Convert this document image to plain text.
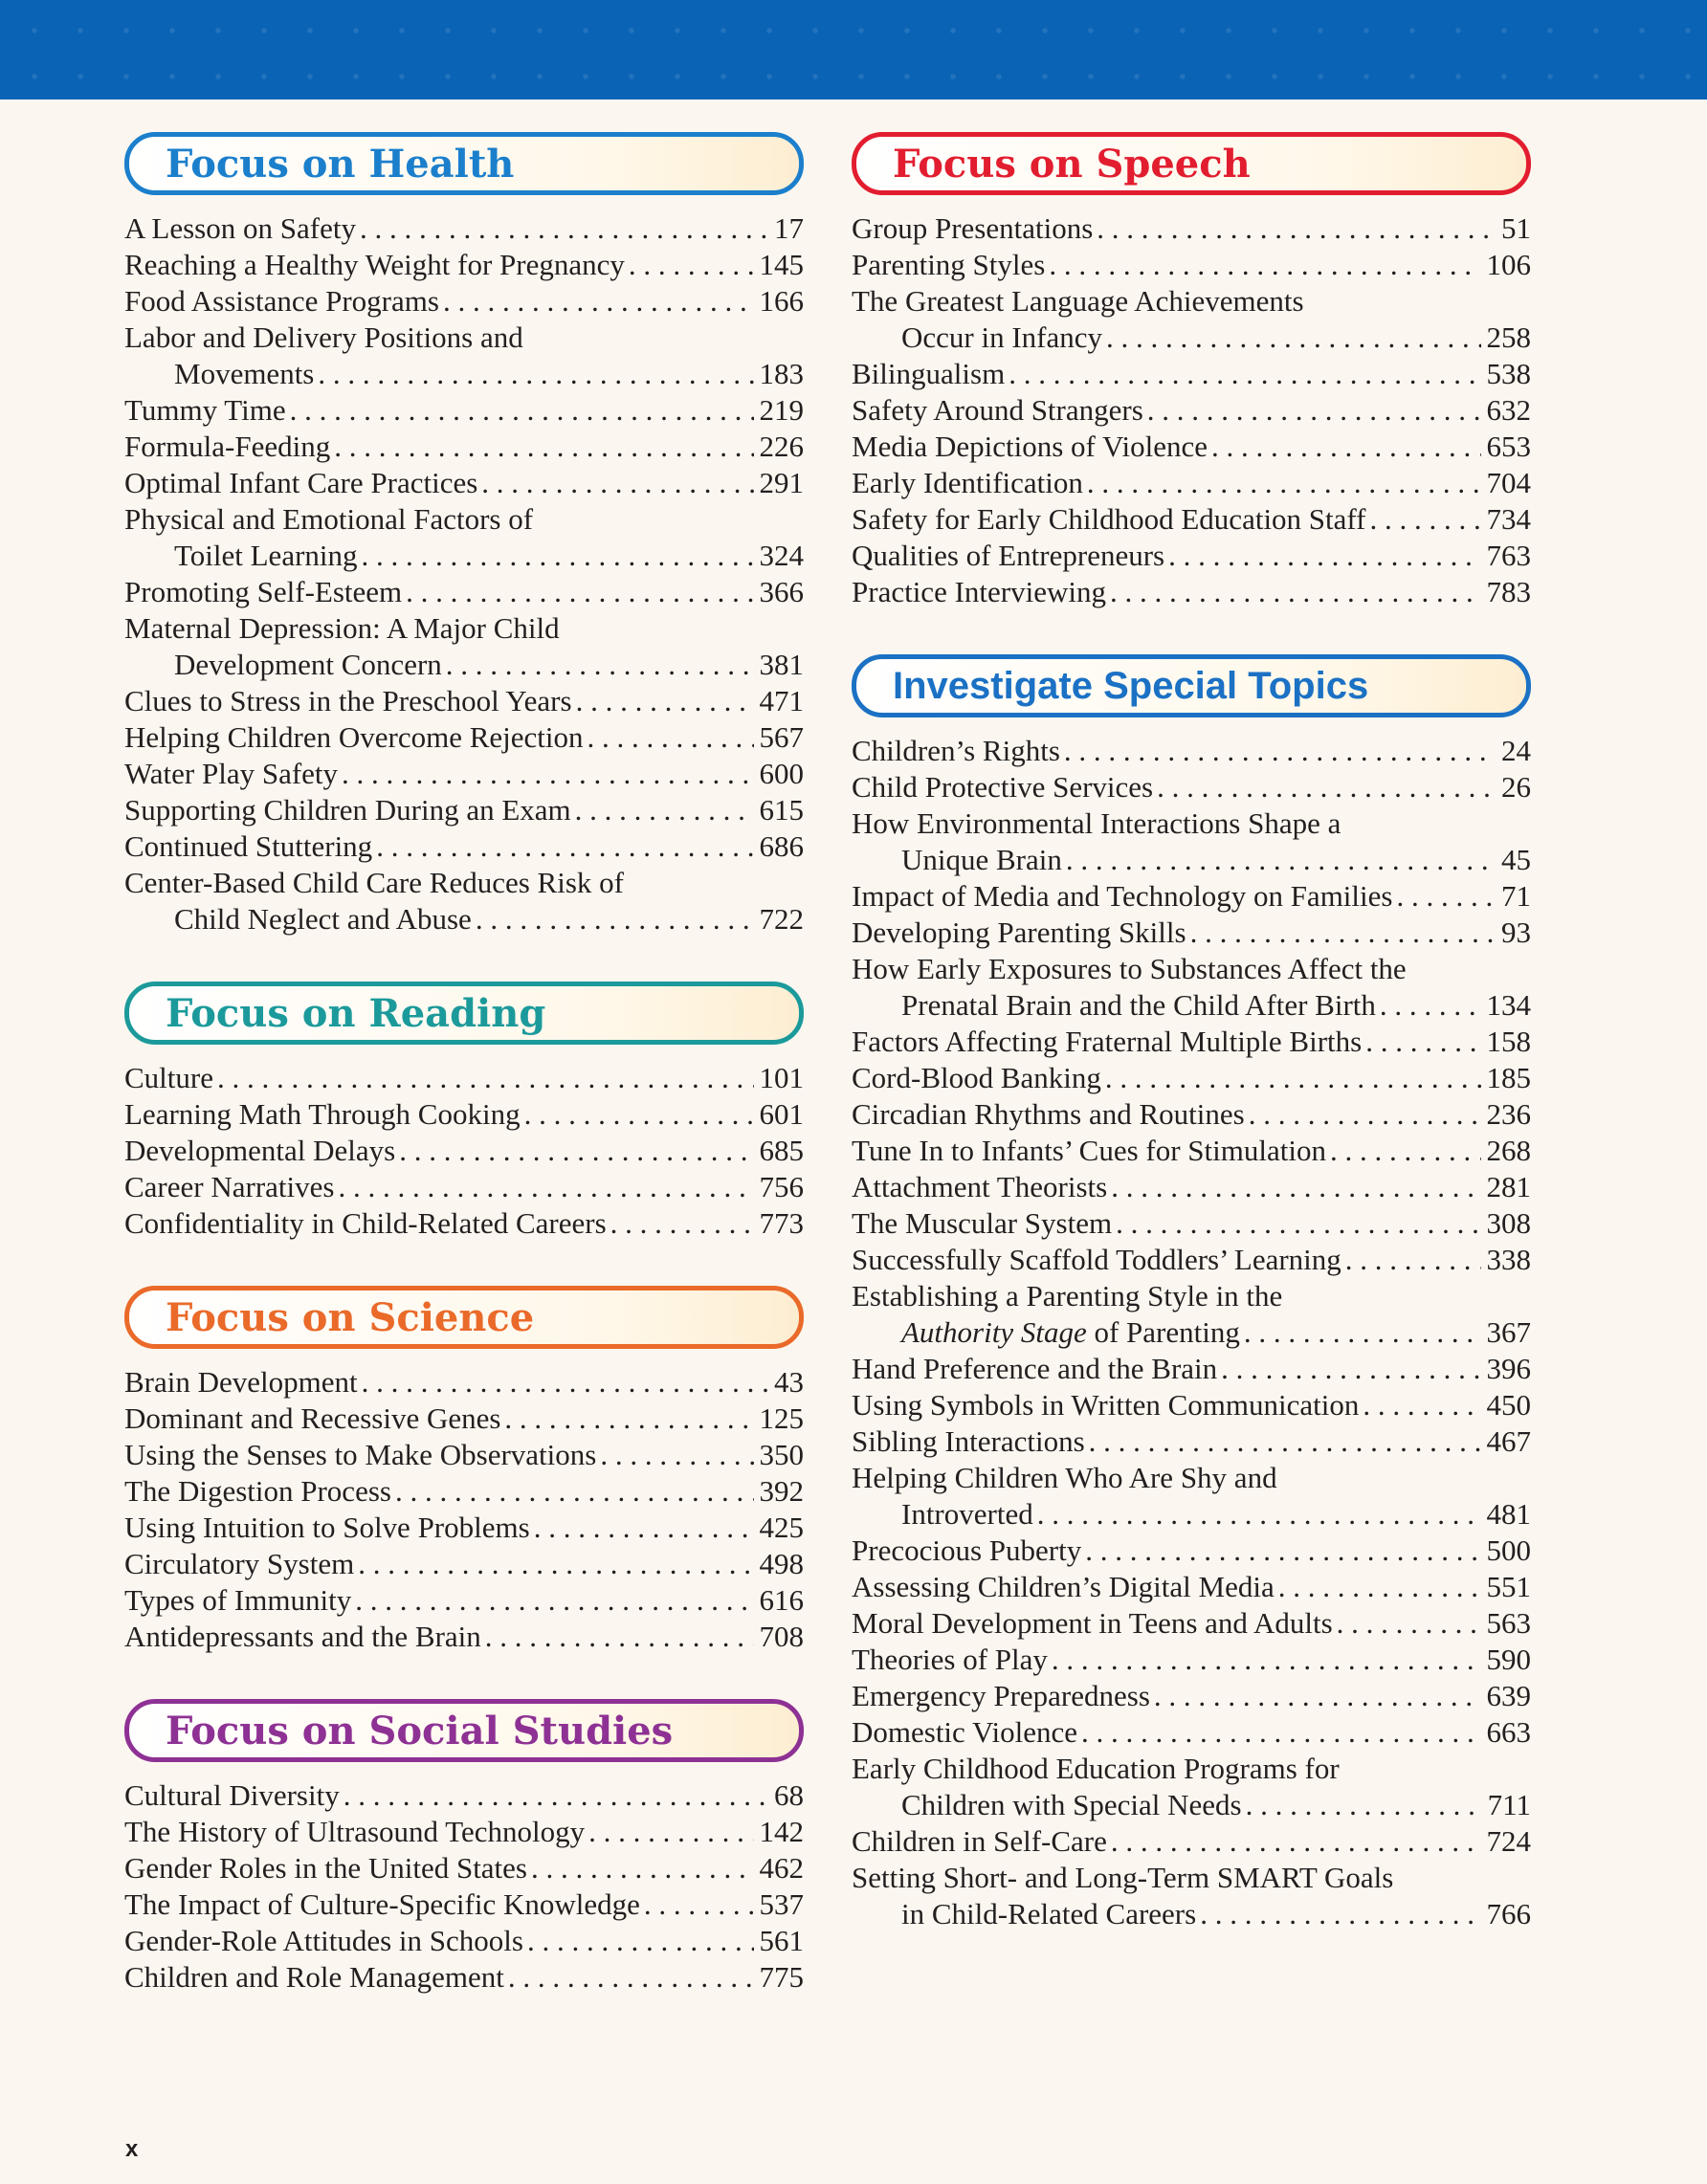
Focus on Health
A Lesson on Safety . . .	17
Reaching a Healthy Weight for Pregnancy . . .	145
Food Assistance Programs . . .	166
Labor and Delivery Positions and
Movements . . .	183
Tummy Time . . .	219
Formula-Feeding . . .	226
Optimal Infant Care Practices . . .	291
Physical and Emotional Factors of
Toilet Learning . . .	324
Promoting Self-Esteem . . .	366
Maternal Depression: A Major Child
Development Concern . . .	381
Clues to Stress in the Preschool Years . . .	471
Helping Children Overcome Rejection . . .	567
Water Play Safety . . .	600
Supporting Children During an Exam . . .	615
Continued Stuttering . . .	686
Center-Based Child Care Reduces Risk of
Child Neglect and Abuse . . .	722
Focus on Reading
Culture . . .	101
Learning Math Through Cooking . . .	601
Developmental Delays . . .	685
Career Narratives . . .	756
Confidentiality in Child-Related Careers . . .	773
Focus on Science
Brain Development . . .	43
Dominant and Recessive Genes . . .	125
Using the Senses to Make Observations . . .	350
The Digestion Process . . .	392
Using Intuition to Solve Problems . . .	425
Circulatory System . . .	498
Types of Immunity . . .	616
Antidepressants and the Brain . . .	708
Focus on Social Studies
Cultural Diversity . . .	68
The History of Ultrasound Technology . . .	142
Gender Roles in the United States . . .	462
The Impact of Culture-Specific Knowledge . . .	537
Gender-Role Attitudes in Schools . . .	561
Children and Role Management . . .	775
Focus on Speech
Group Presentations . . .	51
Parenting Styles . . .	106
The Greatest Language Achievements
Occur in Infancy . . .	258
Bilingualism . . .	538
Safety Around Strangers . . .	632
Media Depictions of Violence . . .	653
Early Identification . . .	704
Safety for Early Childhood Education Staff . . .	734
Qualities of Entrepreneurs . . .	763
Practice Interviewing . . .	783
Investigate Special Topics
Children’s Rights . . .	24
Child Protective Services . . .	26
How Environmental Interactions Shape a
Unique Brain . . .	45
Impact of Media and Technology on Families . . .	71
Developing Parenting Skills . . .	93
How Early Exposures to Substances Affect the
Prenatal Brain and the Child After Birth . . .	134
Factors Affecting Fraternal Multiple Births . . .	158
Cord-Blood Banking . . .	185
Circadian Rhythms and Routines . . .	236
Tune In to Infants’ Cues for Stimulation . . .	268
Attachment Theorists . . .	281
The Muscular System . . .	308
Successfully Scaffold Toddlers’ Learning . . .	338
Establishing a Parenting Style in the
Authority Stage of Parenting . . .	367
Hand Preference and the Brain . . .	396
Using Symbols in Written Communication . . .	450
Sibling Interactions . . .	467
Helping Children Who Are Shy and
Introverted . . .	481
Precocious Puberty . . .	500
Assessing Children’s Digital Media . . .	551
Moral Development in Teens and Adults . . .	563
Theories of Play . . .	590
Emergency Preparedness . . .	639
Domestic Violence . . .	663
Early Childhood Education Programs for
Children with Special Needs . . .	711
Children in Self-Care . . .	724
Setting Short- and Long-Term SMART Goals
in Child-Related Careers . . .	766
x
